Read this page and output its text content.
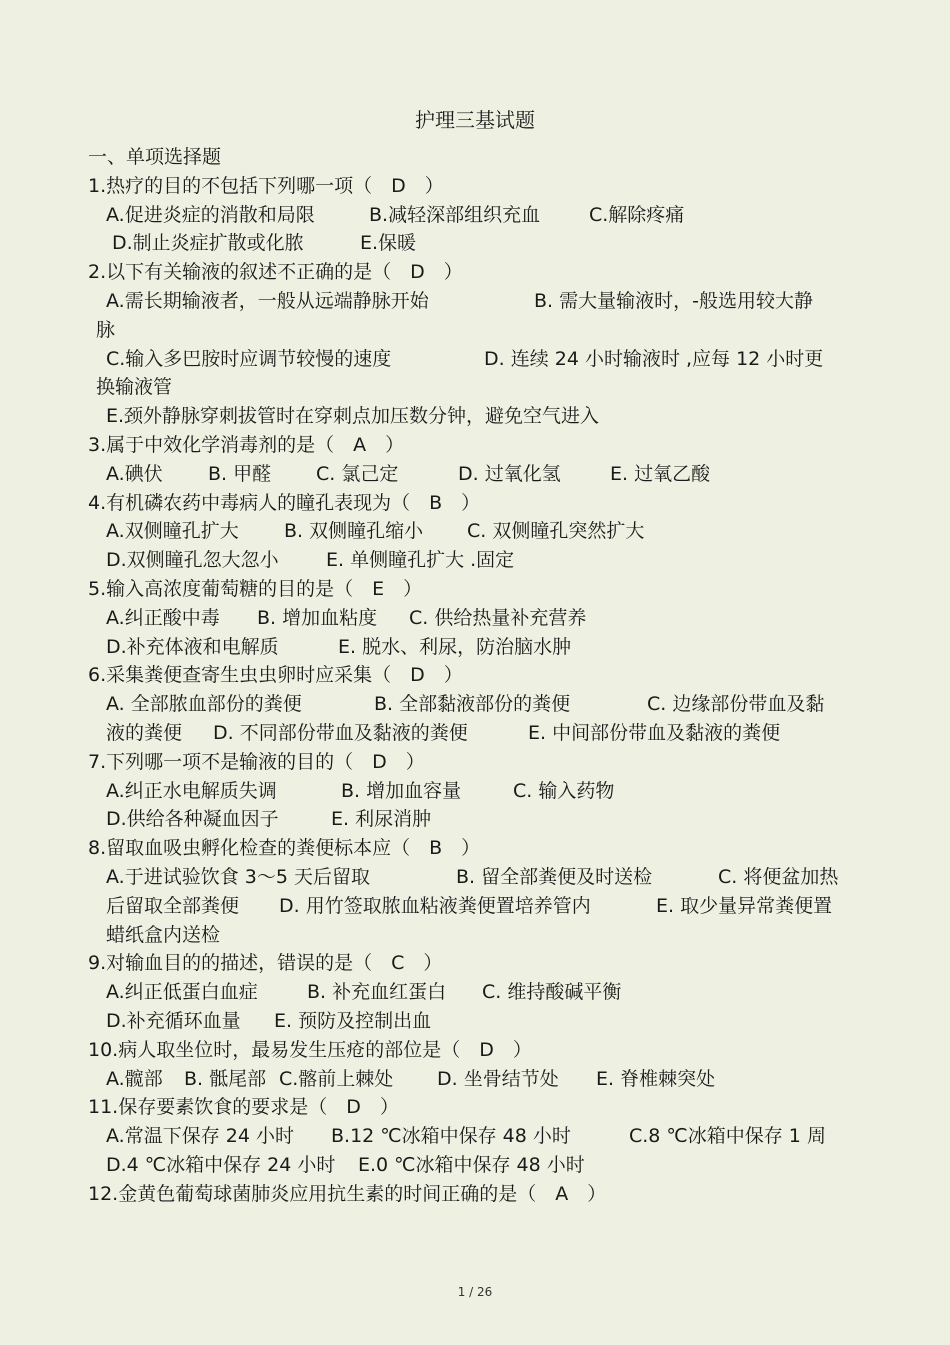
护理三基试题
一、单项选择题
1.热疗的目的不包括下列哪一项（　D　）
A.促进炎症的消散和局限	B.减轻深部组织充血	C.解除疼痛
D.制止炎症扩散或化脓	E.保暖
2.以下有关输液的叙述不正确的是（　D　）
A.需长期输液者，一般从远端静脉开始	B. 需大量输液时，-般选用较大静
脉
C.输入多巴胺时应调节较慢的速度	D. 连续 24 小时输液时 ,应每 12 小时更
换输液管
E.颈外静脉穿刺拔管时在穿刺点加压数分钟，避免空气进入
3.属于中效化学消毒剂的是（　A　）
A.碘伏 B. 甲醛 C. 氯己定	D. 过氧化氢	E. 过氧乙酸
4.有机磷农药中毒病人的瞳孔表现为（　B　）
A.双侧瞳孔扩大 B. 双侧瞳孔缩小 C. 双侧瞳孔突然扩大
D.双侧瞳孔忽大忽小 E. 单侧瞳孔扩大 .固定
5.输入高浓度葡萄糖的目的是（　E　）
A.纠正酸中毒 B. 增加血粘度 C. 供给热量补充营养
D.补充体液和电解质	E. 脱水、利尿，防治脑水肿
6.采集粪便查寄生虫虫卵时应采集（　D　）
A. 全部脓血部份的粪便	B. 全部黏液部份的粪便	C. 边缘部份带血及黏
液的粪便 D. 不同部份带血及黏液的粪便	E. 中间部份带血及黏液的粪便
7.下列哪一项不是输液的目的（　D　）
A.纠正水电解质失调	B. 增加血容量	C. 输入药物
D.供给各种凝血因子	E. 利尿消肿
8.留取血吸虫孵化检查的粪便标本应（　B　）
A.于进试验饮食 3～5 天后留取	B. 留全部粪便及时送检	C. 将便盆加热
后留取全部粪便 D. 用竹签取脓血粘液粪便置培养管内	E. 取少量异常粪便置
蜡纸盒内送检
9.对输血目的的描述，错误的是（　C　）
A.纠正低蛋白血症	B. 补充血红蛋白 C. 维持酸碱平衡
D.补充循环血量 E. 预防及控制出血
10.病人取坐位时，最易发生压疮的部位是（　D　）
A.髋部 B. 骶尾部 C.髂前上棘处 D. 坐骨结节处 E. 脊椎棘突处
11.保存要素饮食的要求是（　D　）
A.常温下保存 24 小时 B.12 ℃冰箱中保存 48 小时	C.8 ℃冰箱中保存 1 周
D.4 ℃冰箱中保存 24 小时 E.0 ℃冰箱中保存 48 小时
12.金黄色葡萄球菌肺炎应用抗生素的时间正确的是（　A　）
1 / 26
